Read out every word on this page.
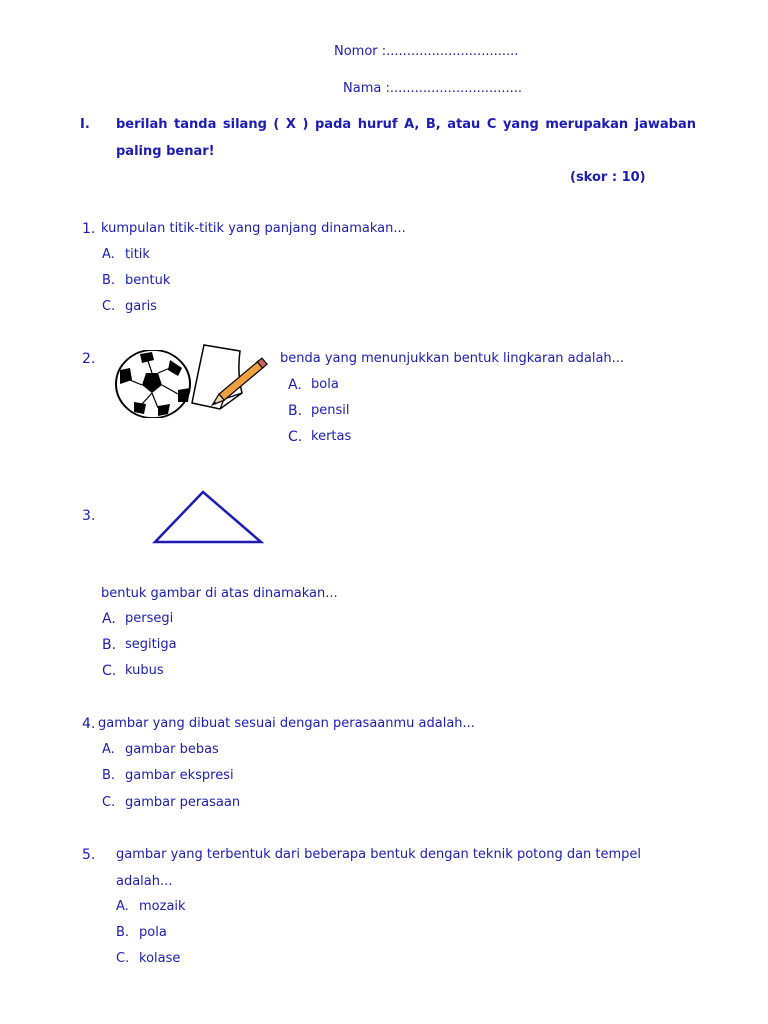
Nomor :................................
Nama :................................
I. berilah tanda silang ( X ) pada huruf A, B, atau C yang merupakan jawaban
paling benar!
(skor : 10)
1. kumpulan titik-titik yang panjang dinamakan...
A. titik
B. bentuk
C. garis
2.	benda yang menunjukkan bentuk lingkaran adalah...
A. bola
B. pensil
C. kertas
3.
bentuk gambar di atas dinamakan...
A. persegi
B. segitiga
C. kubus
4. gambar yang dibuat sesuai dengan perasaanmu adalah...
A. gambar bebas
B. gambar ekspresi
C. gambar perasaan
5. gambar yang terbentuk dari beberapa bentuk dengan teknik potong dan tempel
adalah...
A. mozaik
B. pola
C. kolase
